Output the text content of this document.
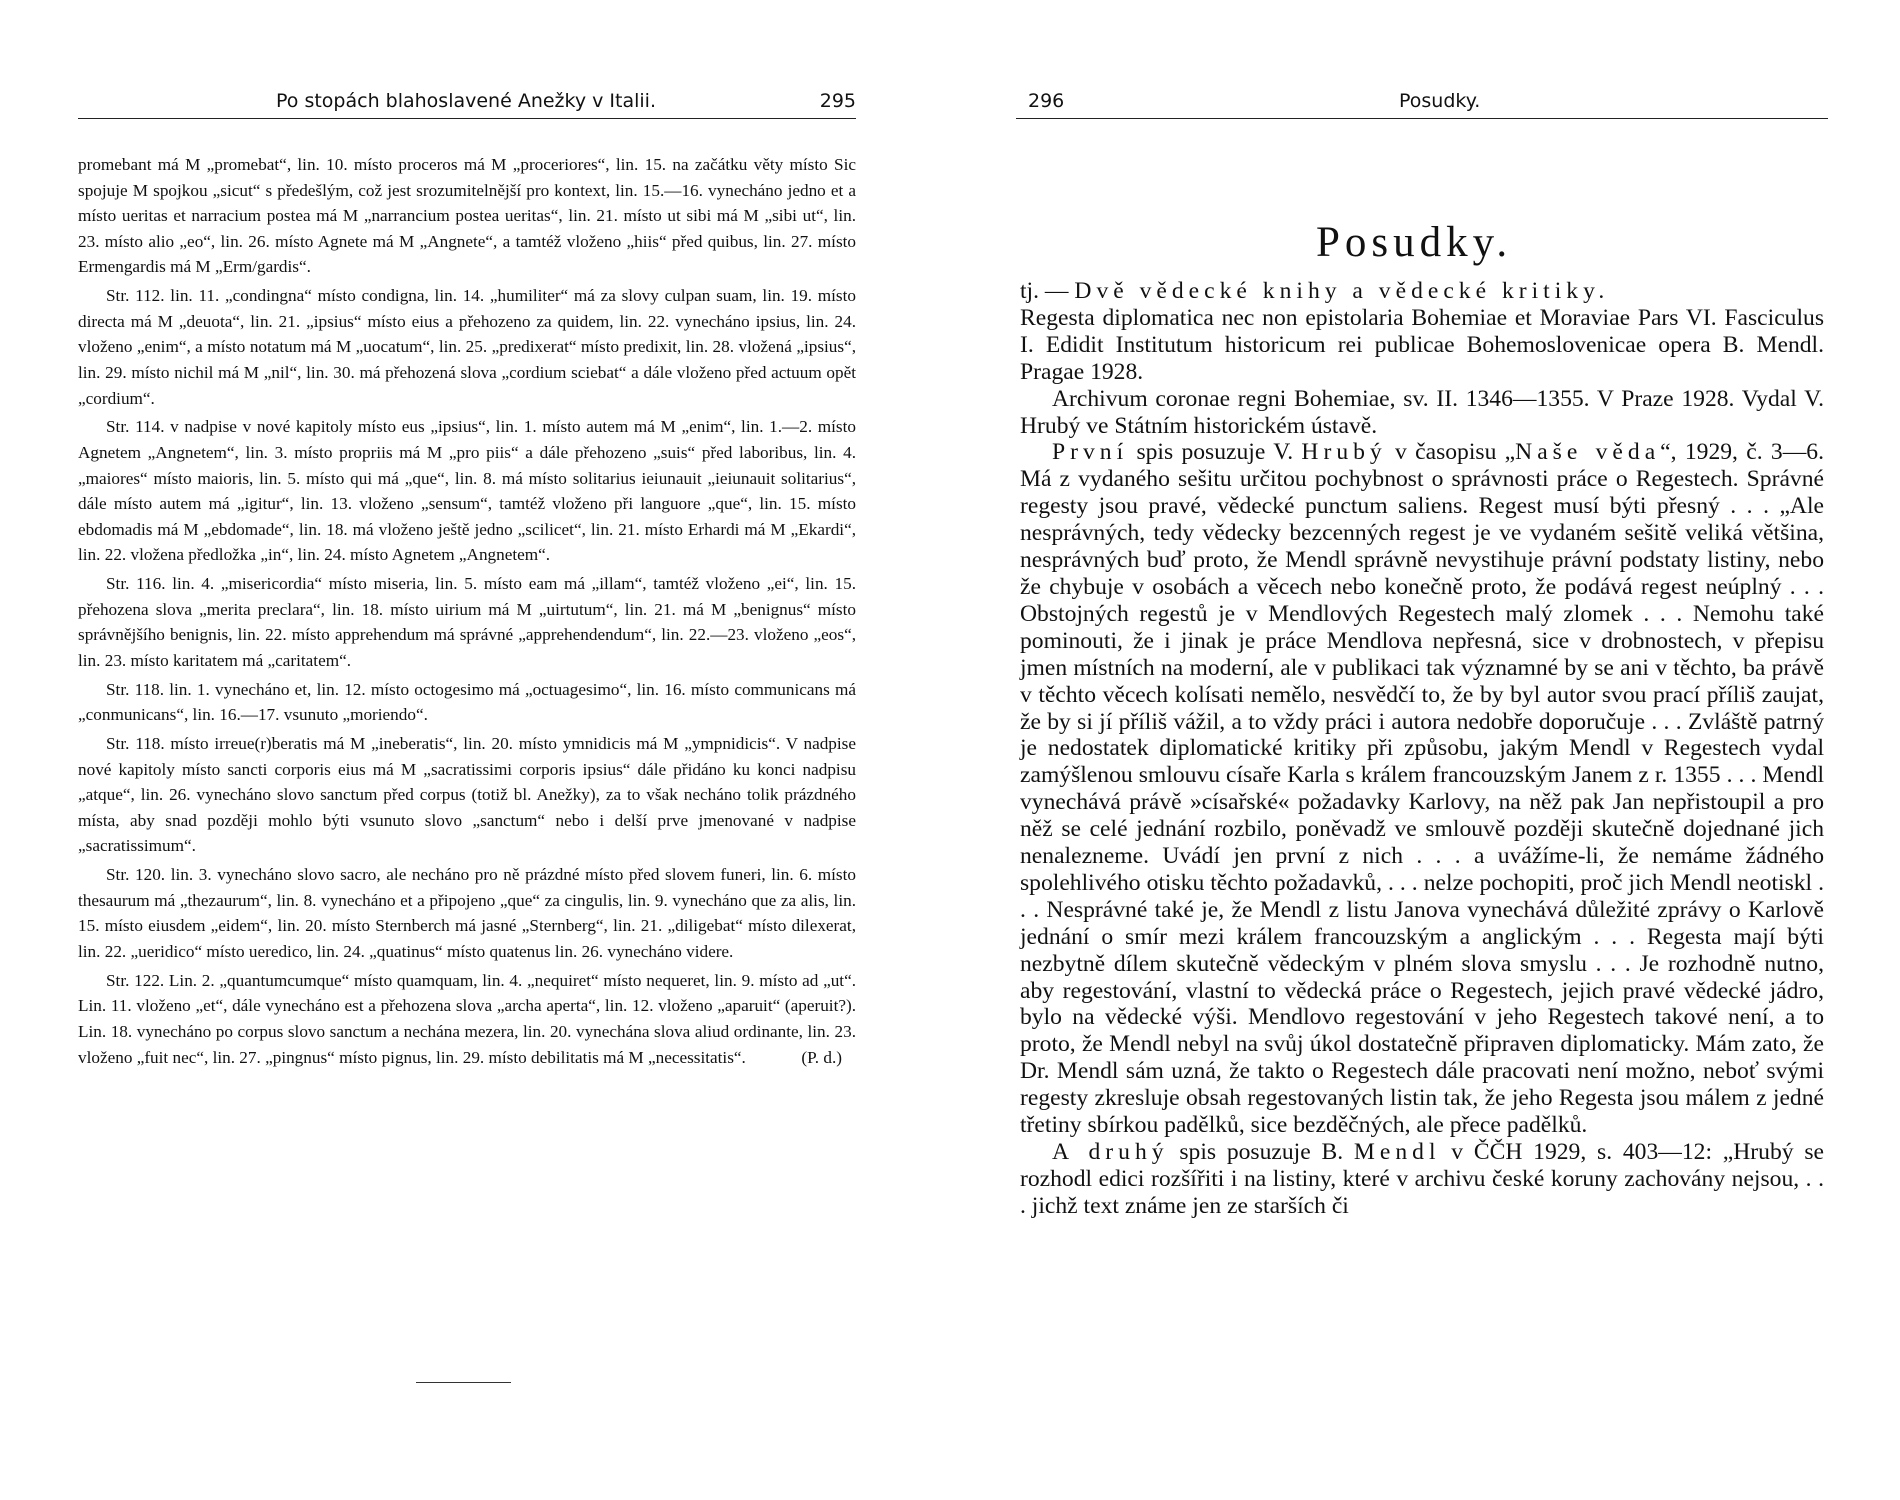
Po stopách blahoslavené Anežky v Italii.	295

promebant má M „promebat“, lin. 10. místo proceros má M „proceriores“, lin. 15. na začátku věty místo Sic spojuje M spojkou „sicut“ s předešlým, což jest srozumitelnější pro kontext, lin. 15.—16. vynecháno jedno et a místo ueritas et narracium postea má M „narrancium postea ueritas“, lin. 21. místo ut sibi má M „sibi ut“, lin. 23. místo alio „eo“, lin. 26. místo Agnete má M „Angnete“, a tamtéž vloženo „hiis“ před quibus, lin. 27. místo Ermengardis má M „Erm/gardis“.

Str. 112. lin. 11. „condingna“ místo condigna, lin. 14. „humiliter“ má za slovy culpan suam, lin. 19. místo directa má M „deuota“, lin. 21. „ipsius“ místo eius a přehozeno za quidem, lin. 22. vynecháno ipsius, lin. 24. vloženo „enim“, a místo notatum má M „uocatum“, lin. 25. „predixerat“ místo predixit, lin. 28. vložená „ipsius“, lin. 29. místo nichil má M „nil“, lin. 30. má přehozená slova „cordium sciebat“ a dále vloženo před actuum opět „cordium“.

Str. 114. v nadpise v nové kapitoly místo eus „ipsius“, lin. 1. místo autem má M „enim“, lin. 1.—2. místo Agnetem „Angnetem“, lin. 3. místo propriis má M „pro piis“ a dále přehozeno „suis“ před laboribus, lin. 4. „maiores“ místo maioris, lin. 5. místo qui má „que“, lin. 8. má místo solitarius ieiunauit „ieiunauit solitarius“, dále místo autem má „igitur“, lin. 13. vloženo „sensum“, tamtéž vloženo při languore „que“, lin. 15. místo ebdomadis má M „ebdomade“, lin. 18. má vloženo ještě jedno „scilicet“, lin. 21. místo Erhardi má M „Ekardi“, lin. 22. vložena předložka „in“, lin. 24. místo Agnetem „Angnetem“.

Str. 116. lin. 4. „misericordia“ místo miseria, lin. 5. místo eam má „illam“, tamtéž vloženo „ei“, lin. 15. přehozena slova „merita preclara“, lin. 18. místo uirium má M „uirtutum“, lin. 21. má M „benignus“ místo správnějšího benignis, lin. 22. místo apprehendum má správné „apprehendendum“, lin. 22.—23. vloženo „eos“, lin. 23. místo karitatem má „caritatem“.

Str. 118. lin. 1. vynecháno et, lin. 12. místo octogesimo má „octuagesimo“, lin. 16. místo communicans má „conmunicans“, lin. 16.—17. vsunuto „moriendo“.

Str. 118. místo irreue(r)beratis má M „ineberatis“, lin. 20. místo ymnidicis má M „ympnidicis“. V nadpise nové kapitoly místo sancti corporis eius má M „sacratissimi corporis ipsius“ dále přidáno ku konci nadpisu „atque“, lin. 26. vynecháno slovo sanctum před corpus (totiž bl. Anežky), za to však necháno tolik prázdného místa, aby snad později mohlo býti vsunuto slovo „sanctum“ nebo i delší prve jmenované v nadpise „sacratissimum“.

Str. 120. lin. 3. vynecháno slovo sacro, ale necháno pro ně prázdné místo před slovem funeri, lin. 6. místo thesaurum má „thezaurum“, lin. 8. vynecháno et a připojeno „que“ za cingulis, lin. 9. vynecháno que za alis, lin. 15. místo eiusdem „eidem“, lin. 20. místo Sternberch má jasné „Sternberg“, lin. 21. „diligebat“ místo dilexerat, lin. 22. „ueridico“ místo ueredico, lin. 24. „quatinus“ místo quatenus lin. 26. vynecháno videre.

Str. 122. Lin. 2. „quantumcumque“ místo quamquam, lin. 4. „nequiret“ místo nequeret, lin. 9. místo ad „ut“. Lin. 11. vloženo „et“, dále vynecháno est a přehozena slova „archa aperta“, lin. 12. vloženo „aparuit“ (aperuit?). Lin. 18. vynecháno po corpus slovo sanctum a nechána mezera, lin. 20. vynechána slova aliud ordinante, lin. 23. vloženo „fuit nec“, lin. 27. „pingnus“ místo pignus, lin. 29. místo debilitatis má M „necessitatis“.	(P. d.)

296	Posudky.
Posudky.

tj. — Dvě vědecké knihy a vědecké kritiky.

Regesta diplomatica nec non epistolaria Bohemiae et Moraviae Pars VI. Fasciculus I. Edidit Institutum historicum rei publicae Bohemoslovenicae opera B. Mendl. Pragae 1928.

Archivum coronae regni Bohemiae, sv. II. 1346—1355. V Praze 1928. Vydal V. Hrubý ve Státním historickém ústavě.

První spis posuzuje V. Hrubý v časopisu „Naše věda“, 1929, č. 3—6. Má z vydaného sešitu určitou pochybnost o správnosti práce o Regestech. Správné regesty jsou pravé, vědecké punctum saliens. Regest musí býti přesný . . . „Ale nesprávných, tedy vědecky bezcenných regest je ve vydaném sešitě veliká většina, nesprávných buď proto, že Mendl správně nevystihuje právní podstaty listiny, nebo že chybuje v osobách a věcech nebo konečně proto, že podává regest neúplný . . . Obstojných regestů je v Mendlových Regestech malý zlomek . . . Nemohu také pominouti, že i jinak je práce Mendlova nepřesná, sice v drobnostech, v přepisu jmen místních na moderní, ale v publikaci tak významné by se ani v těchto, ba právě v těchto věcech kolísati nemělo, nesvědčí to, že by byl autor svou prací příliš zaujat, že by si jí příliš vážil, a to vždy práci i autora nedobře doporučuje . . . Zvláště patrný je nedostatek diplomatické kritiky při způsobu, jakým Mendl v Regestech vydal zamýšlenou smlouvu císaře Karla s králem francouzským Janem z r. 1355 . . . Mendl vynechává právě »císařské« požadavky Karlovy, na něž pak Jan nepřistoupil a pro něž se celé jednání rozbilo, poněvadž ve smlouvě později skutečně dojednané jich nenalezneme. Uvádí jen první z nich . . . a uvážíme-li, že nemáme žádného spolehlivého otisku těchto požadavků, . . . nelze pochopiti, proč jich Mendl neotiskl . . . Nesprávné také je, že Mendl z listu Janova vynechává důležité zprávy o Karlově jednání o smír mezi králem francouzským a anglickým . . . Regesta mají býti nezbytně dílem skutečně vědeckým v plném slova smyslu . . . Je rozhodně nutno, aby regestování, vlastní to vědecká práce o Regestech, jejich pravé vědecké jádro, bylo na vědecké výši. Mendlovo regestování v jeho Regestech takové není, a to proto, že Mendl nebyl na svůj úkol dostatečně připraven diplomaticky. Mám zato, že Dr. Mendl sám uzná, že takto o Regestech dále pracovati není možno, neboť svými regesty zkresluje obsah regestovaných listin tak, že jeho Regesta jsou málem z jedné třetiny sbírkou padělků, sice bezděčných, ale přece padělků.

A druhý spis posuzuje B. Mendl v ČČH 1929, s. 403—12: „Hrubý se rozhodl edici rozšířiti i na listiny, které v archivu české koruny zachovány nejsou, . . . jichž text známe jen ze starších či
